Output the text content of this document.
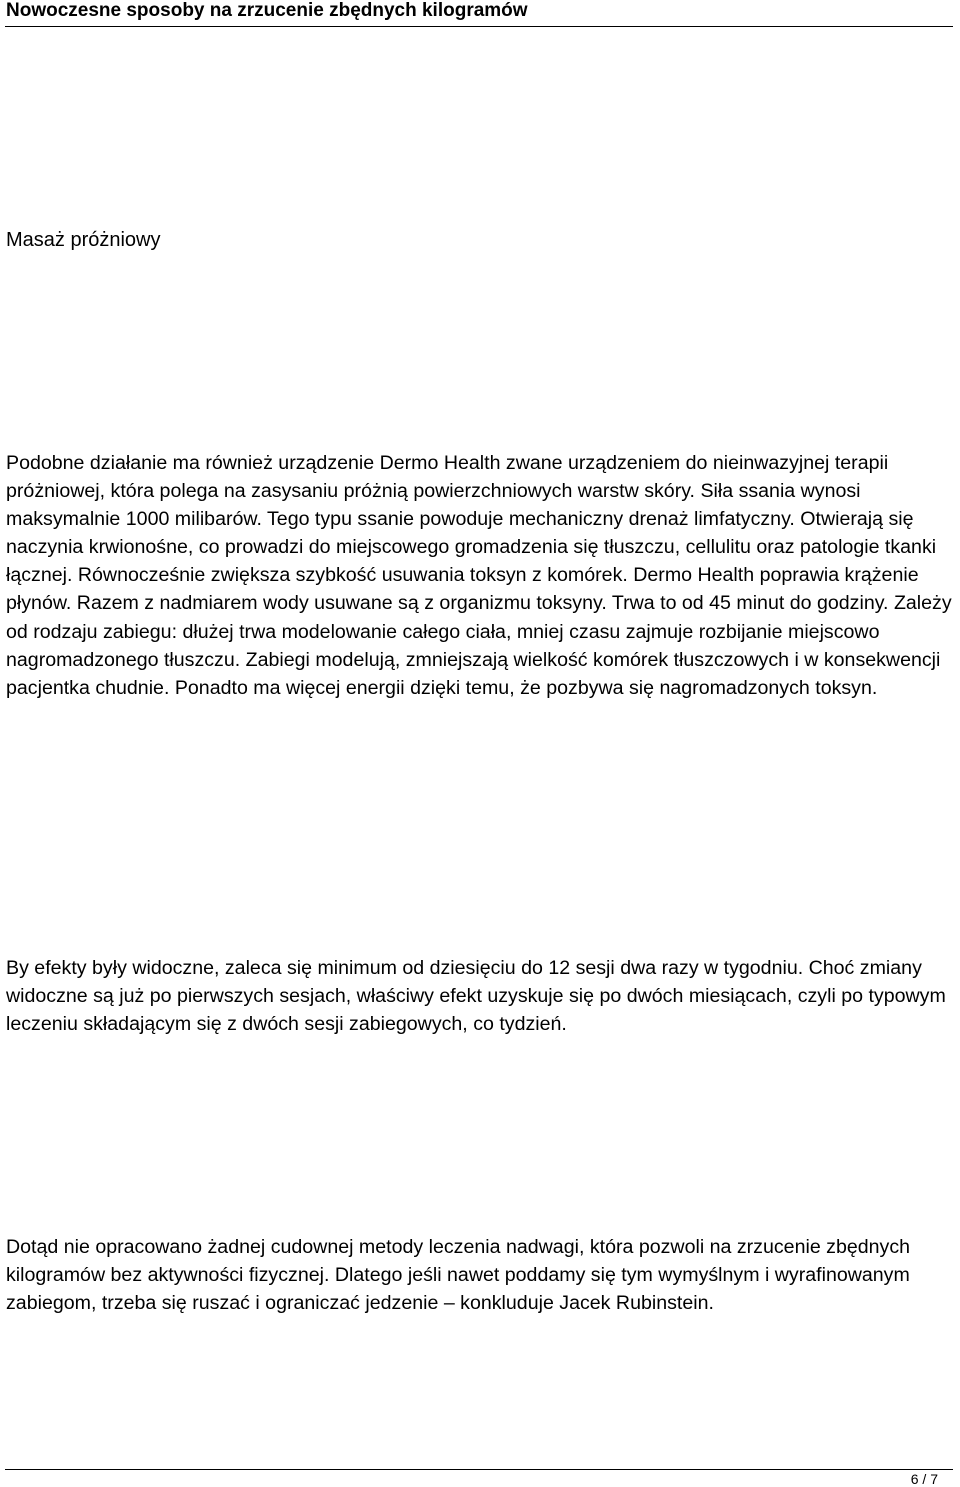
Nowoczesne sposoby na zrzucenie zbędnych kilogramów
Masaż próżniowy

Podobne działanie ma również urządzenie Dermo Health zwane urządzeniem do nieinwazyjnej terapii próżniowej, która polega na zasysaniu próżnią powierzchniowych warstw skóry. Siła ssania wynosi maksymalnie 1000 milibarów. Tego typu ssanie powoduje mechaniczny drenaż limfatyczny. Otwierają się naczynia krwionośne, co prowadzi do miejscowego gromadzenia się tłuszczu, cellulitu oraz patologie tkanki łącznej. Równocześnie zwiększa szybkość usuwania toksyn z komórek. Dermo Health poprawia krążenie płynów. Razem z nadmiarem wody usuwane są z organizmu toksyny. Trwa to od 45 minut do godziny. Zależy od rodzaju zabiegu: dłużej trwa modelowanie całego ciała, mniej czasu zajmuje rozbijanie miejscowo nagromadzonego tłuszczu. Zabiegi modelują, zmniejszają wielkość komórek tłuszczowych i w konsekwencji pacjentka chudnie. Ponadto ma więcej energii dzięki temu, że pozbywa się nagromadzonych toksyn.

By efekty były widoczne, zaleca się minimum od dziesięciu do 12 sesji dwa razy w tygodniu. Choć zmiany widoczne są już po pierwszych sesjach, właściwy efekt uzyskuje się po dwóch miesiącach, czyli po typowym leczeniu składającym się z dwóch sesji zabiegowych, co tydzień.

Dotąd nie opracowano żadnej cudownej metody leczenia nadwagi, która pozwoli na zrzucenie zbędnych kilogramów bez aktywności fizycznej. Dlatego jeśli nawet poddamy się tym wymyślnym i wyrafinowanym zabiegom, trzeba się ruszać i ograniczać jedzenie – konkluduje Jacek Rubinstein.

6 / 7
